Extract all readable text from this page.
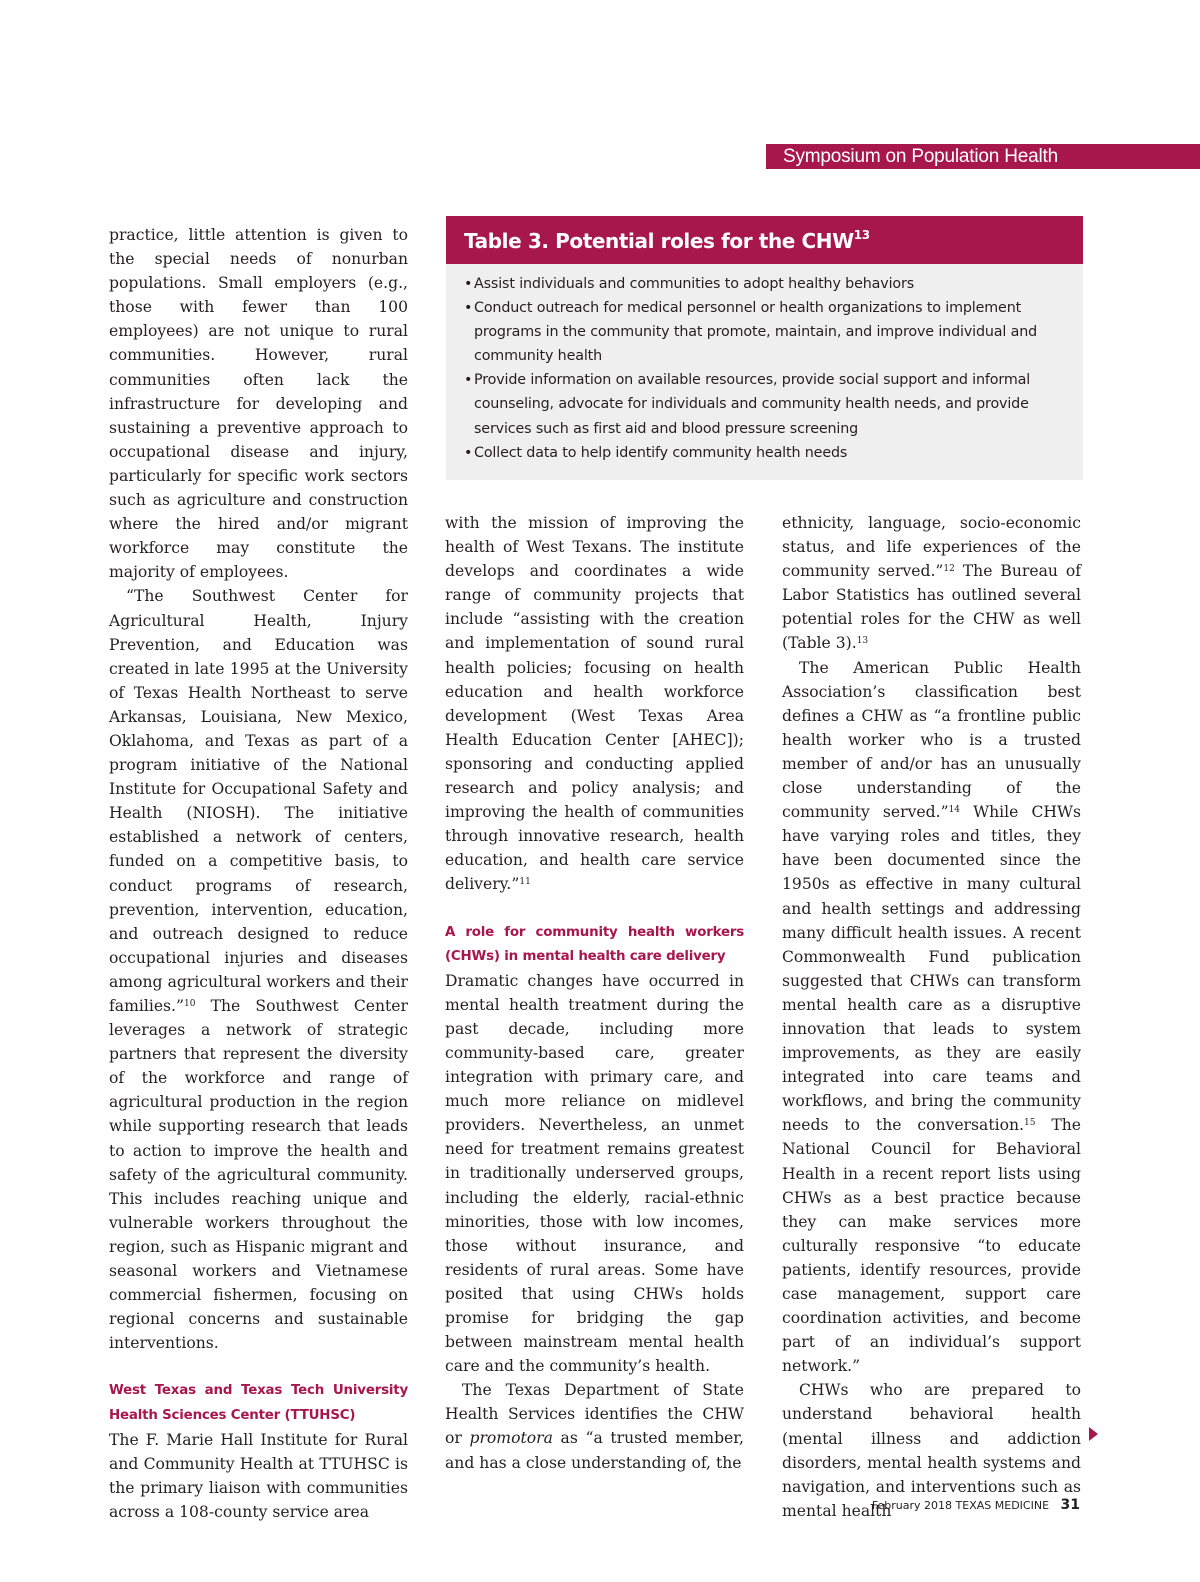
Symposium on Population Health
Table 3. Potential roles for the CHW$^{13}$
• Assist individuals and communities to adopt healthy behaviors
• Conduct outreach for medical personnel or health organizations to implement programs in the community that promote, maintain, and improve individual and community health
• Provide information on available resources, provide social support and informal counseling, advocate for individuals and community health needs, and provide services such as first aid and blood pressure screening
• Collect data to help identify community health needs

practice, little attention is given to the special needs of nonurban populations. Small employers (e.g., those with fewer than 100 employees) are not unique to rural communities. However, rural communities often lack the infrastructure for developing and sustaining a preventive approach to occupational disease and injury, particularly for specific work sectors such as agriculture and construction where the hired and/or migrant workforce may constitute the majority of employees.

“The Southwest Center for Agricultural Health, Injury Prevention, and Education was created in late 1995 at the University of Texas Health Northeast to serve Arkansas, Louisiana, New Mexico, Oklahoma, and Texas as part of a program initiative of the National Institute for Occupational Safety and Health (NIOSH). The initiative established a network of centers, funded on a competitive basis, to conduct programs of research, prevention, intervention, education, and outreach designed to reduce occupational injuries and diseases among agricultural workers and their families.”$^{10}$ The Southwest Center leverages a network of strategic partners that represent the diversity of the workforce and range of agricultural production in the region while supporting research that leads to action to improve the health and safety of the agricultural community. This includes reaching unique and vulnerable workers throughout the region, such as Hispanic migrant and seasonal workers and Vietnamese commercial fishermen, focusing on regional concerns and sustainable interventions.

West Texas and Texas Tech University Health Sciences Center (TTUHSC)

The F. Marie Hall Institute for Rural and Community Health at TTUHSC is the primary liaison with communities across a 108-county service area

with the mission of improving the health of West Texans. The institute develops and coordinates a wide range of community projects that include “assisting with the creation and implementation of sound rural health policies; focusing on health education and health workforce development (West Texas Area Health Education Center [AHEC]); sponsoring and conducting applied research and policy analysis; and improving the health of communities through innovative research, health education, and health care service delivery.”$^{11}$

A role for community health workers (CHWs) in mental health care delivery

Dramatic changes have occurred in mental health treatment during the past decade, including more community-based care, greater integration with primary care, and much more reliance on midlevel providers. Nevertheless, an unmet need for treatment remains greatest in traditionally underserved groups, including the elderly, racial-ethnic minorities, those with low incomes, those without insurance, and residents of rural areas. Some have posited that using CHWs holds promise for bridging the gap between mainstream mental health care and the community’s health.

The Texas Department of State Health Services identifies the CHW or promotora as “a trusted member, and has a close understanding of, the

ethnicity, language, socio-economic status, and life experiences of the community served.”$^{12}$ The Bureau of Labor Statistics has outlined several potential roles for the CHW as well (Table 3).$^{13}$

The American Public Health Association’s classification best defines a CHW as “a frontline public health worker who is a trusted member of and/or has an unusually close understanding of the community served.”$^{14}$ While CHWs have varying roles and titles, they have been documented since the 1950s as effective in many cultural and health settings and addressing many difficult health issues. A recent Commonwealth Fund publication suggested that CHWs can transform mental health care as a disruptive innovation that leads to system improvements, as they are easily integrated into care teams and workflows, and bring the community needs to the conversation.$^{15}$ The National Council for Behavioral Health in a recent report lists using CHWs as a best practice because they can make services more culturally responsive “to educate patients, identify resources, provide case management, support care coordination activities, and become part of an individual’s support network.”

CHWs who are prepared to understand behavioral health (mental illness and addiction disorders, mental health systems and navigation, and interventions such as mental health

February 2018 TEXAS MEDICINE 31
